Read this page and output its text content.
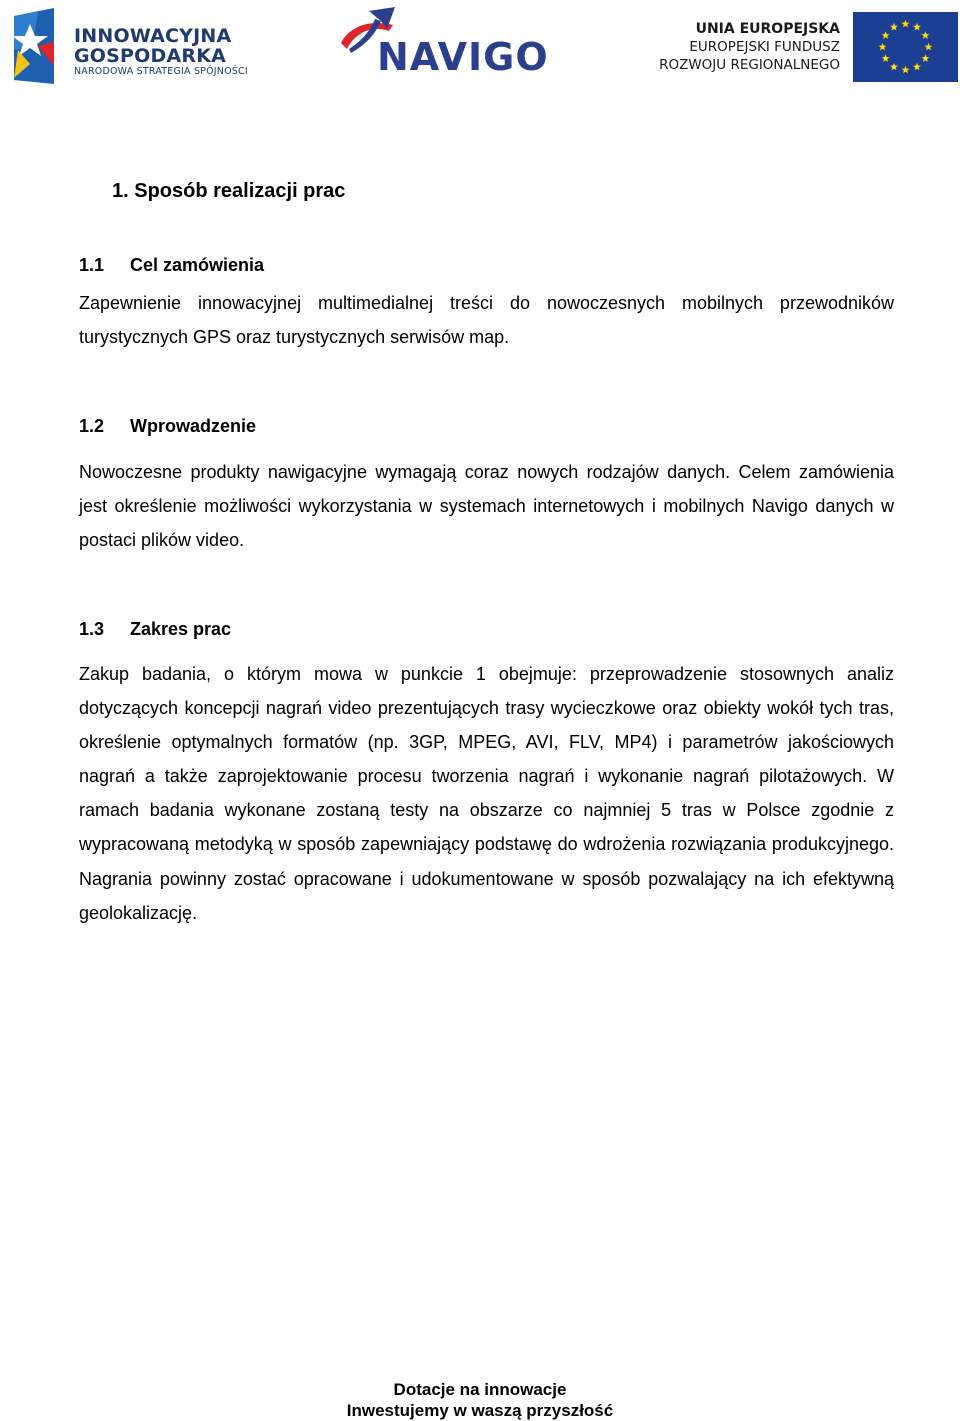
INNOWACYJNA
GOSPODARKA
NARODOWA STRATEGIA SPÓJNOŚCI	NAVIGO
UNIA EUROPEJSKA
EUROPEJSKI FUNDUSZ
ROZWOJU REGIONALNEGO
1. Sposób realizacji prac
1.1 Cel zamówienia
Zapewnienie innowacyjnej multimedialnej treści do nowoczesnych mobilnych przewodników turystycznych GPS oraz turystycznych serwisów map.
1.2 Wprowadzenie
Nowoczesne produkty nawigacyjne wymagają coraz nowych rodzajów danych. Celem zamówienia jest określenie możliwości wykorzystania w systemach internetowych i mobilnych Navigo danych w postaci plików video.
1.3 Zakres prac
Zakup badania, o którym mowa w punkcie 1 obejmuje: przeprowadzenie stosownych analiz dotyczących koncepcji nagrań video prezentujących trasy wycieczkowe oraz obiekty wokół tych tras, określenie optymalnych formatów (np. 3GP, MPEG, AVI, FLV, MP4) i parametrów jakościowych nagrań a także zaprojektowanie procesu tworzenia nagrań i wykonanie nagrań pilotażowych. W ramach badania wykonane zostaną testy na obszarze co najmniej 5 tras w Polsce zgodnie z wypracowaną metodyką w sposób zapewniający podstawę do wdrożenia rozwiązania produkcyjnego. Nagrania powinny zostać opracowane i udokumentowane w sposób pozwalający na ich efektywną geolokalizację.
Dotacje na innowacje
Inwestujemy w waszą przyszłość
